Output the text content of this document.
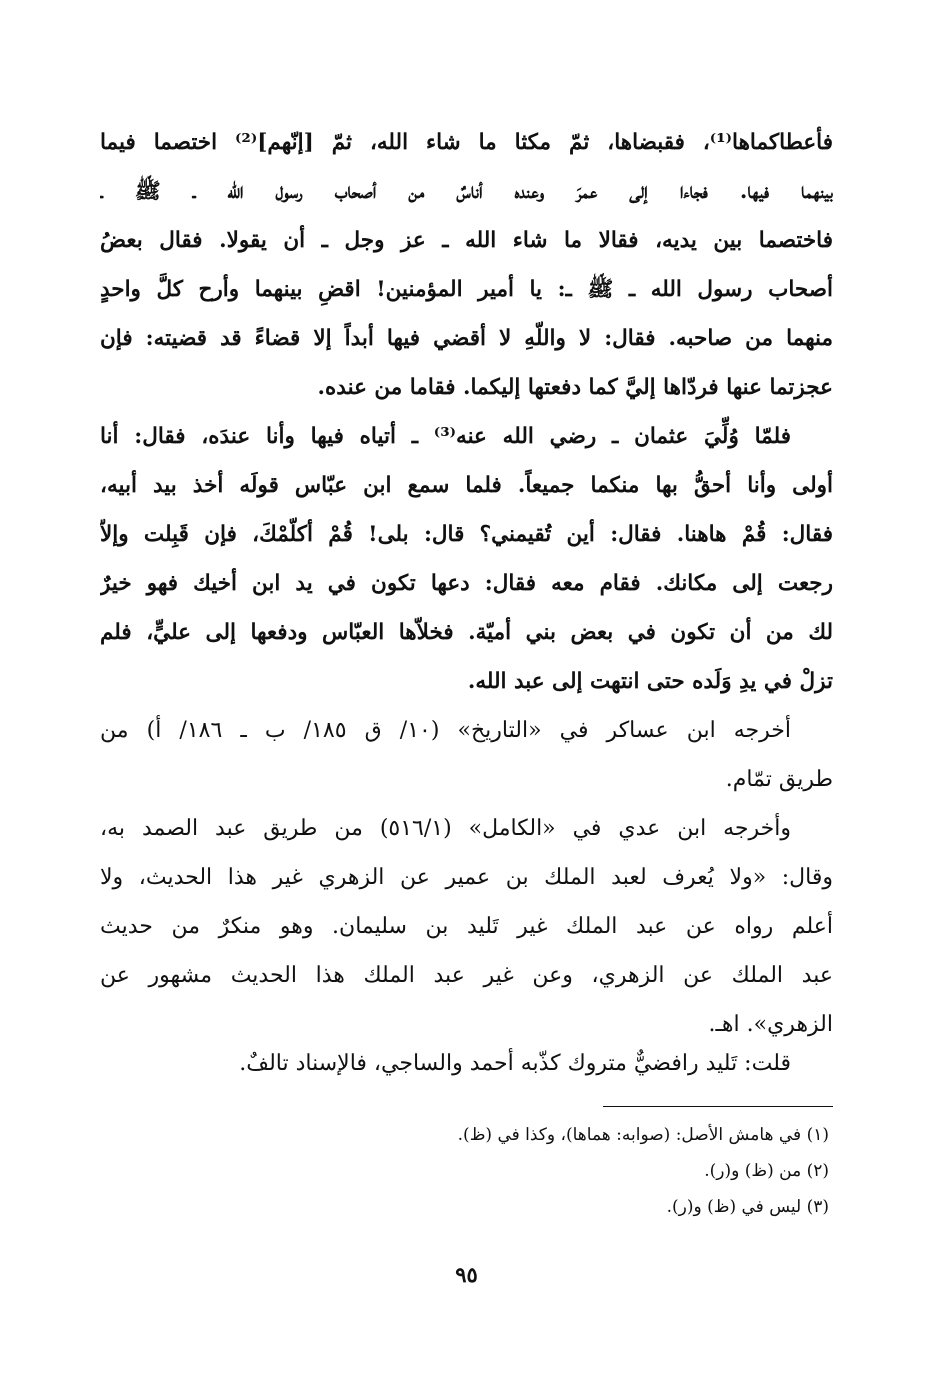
فأعطاكماها⁽¹⁾، فقبضاها، ثمّ مكثا ما شاء الله، ثمّ [إنّهم]⁽²⁾ اختصما فيما
بينهما فيها. فجاءا إلى عمرَ وعنده أناسٌ من أصحاب رسول الله ـ ﷺ ـ
فاختصما بين يديه، فقالا ما شاء الله ـ عز وجل ـ أن يقولا. فقال بعضُ
أصحاب رسول الله ـ ﷺ ـ: يا أمير المؤمنين! اقضِ بينهما وأرح كلَّ واحدٍ
منهما من صاحبه. فقال: لا واللّهِ لا أقضي فيها أبداً إلا قضاءً قد قضيته: فإن
عجزتما عنها فردّاها إليَّ كما دفعتها إليكما. فقاما من عنده.
فلمّا وُلِّيَ عثمان ـ رضي الله عنه⁽³⁾ ـ أتياه فيها وأنا عندَه، فقال: أنا
أولى وأنا أحقُّ بها منكما جميعاً. فلما سمع ابن عبّاس قولَه أخذ بيد أبيه،
فقال: قُمْ هاهنا. فقال: أين تُقيمني؟ قال: بلى! قُمْ أكلّمْكَ، فإن قَبِلت وإلاّ
رجعت إلى مكانك. فقام معه فقال: دعها تكون في يد ابن أخيك فهو خيرٌ
لك من أن تكون في بعض بني أميّة. فخلاّها العبّاس ودفعها إلى عليٍّ، فلم
تزلْ في يدِ وَلَده حتى انتهت إلى عبد الله.
أخرجه ابن عساكر في «التاريخ» (١٠/ ق ١٨٥/ ب ـ ١٨٦/ أ) من
طريق تمّام.
وأخرجه ابن عدي في «الكامل» (٥١٦/١) من طريق عبد الصمد به،
وقال: «ولا يُعرف لعبد الملك بن عمير عن الزهري غير هذا الحديث، ولا
أعلم رواه عن عبد الملك غير تَليد بن سليمان. وهو منكرٌ من حديث
عبد الملك عن الزهري، وعن غير عبد الملك هذا الحديث مشهور عن
الزهري». اهـ.
قلت: تَليد رافضيٌّ متروك كذّبه أحمد والساجي، فالإسناد تالفٌ.
(١) في هامش الأصل: (صوابه: هماها)، وكذا في (ظ).
(٢) من (ظ) و(ر).
(٣) ليس في (ظ) و(ر).
٩٥
